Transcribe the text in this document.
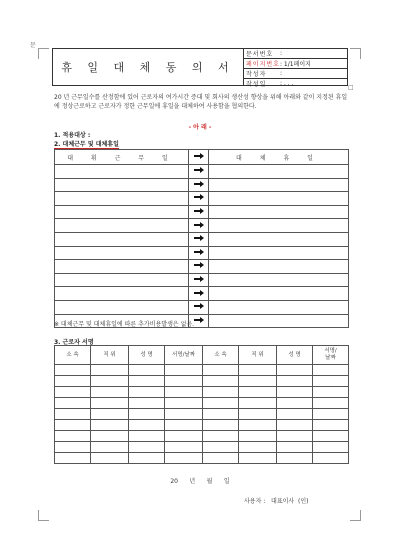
문
□
휴 일 대 체 동 의 서
문서번호	:
페이지번호 : 1/1페이지
작성자	:
작성일	: . . .
20 년 근무일수를 산정함에 있어 근로자의 여가시간 증대 및 회사의 생산성 향상을 위해 아래와 같이 지정된 휴일에 정상근로하고 근로자가 정한 근무일에 휴일을 대체하여 사용함을 협의한다.
- 아 래 -
1. 적용대상 :
2. 대체근무 및 대체휴일
대 휘 근 무 일		대 체 휴 일

※ 대체근무 및 대체휴일에 따른 추가비용발생은 없음.
3. 근로자 서명
소 속	직 위	성 명	서명/날짜	소 속	직 위	성 명	서명/
날짜

20      년      월      일
사용자 :   대표이사  (인)
